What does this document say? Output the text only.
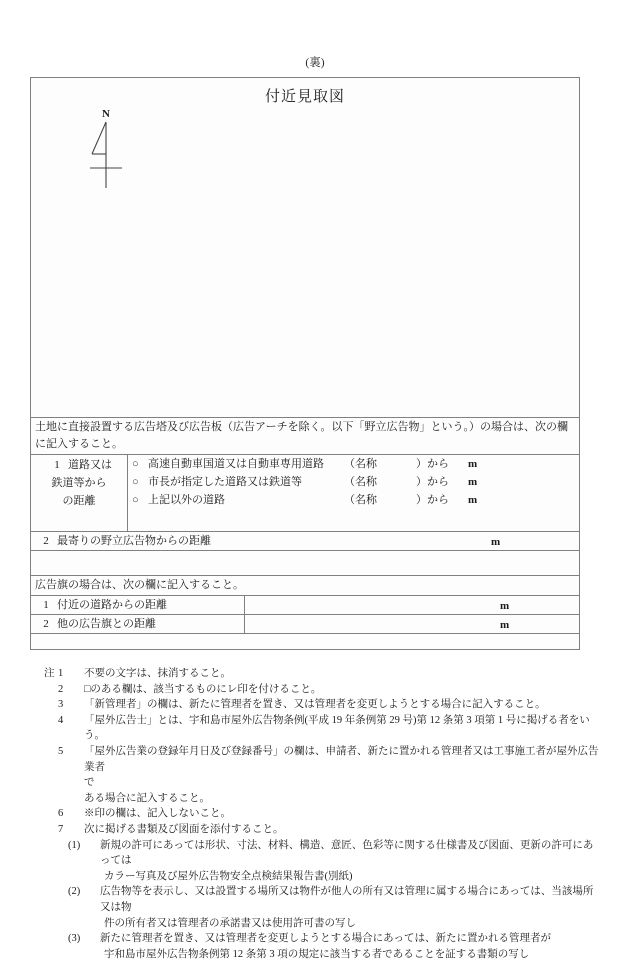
(裏)
付近見取図
N
土地に直接設置する広告塔及び広告板（広告アーチを除く。以下「野立広告物」という。）の場合は、次の欄に記入すること。

1 道路又は
鉄道等から
の距離

○ 高速自動車国道又は自動車専用道路	（名称	）から	m
○ 市長が指定した道路又は鉄道等	（名称	）から	m
○ 上記以外の道路	（名称	）から	m

2 最寄りの野立広告物からの距離	m
広告旗の場合は、次の欄に記入すること。	
1 付近の道路からの距離	m

2 他の広告旗との距離	m
注 1	不要の文字は、抹消すること。
2	□のある欄は、該当するものにレ印を付けること。
3	「新管理者」の欄は、新たに管理者を置き、又は管理者を変更しようとする場合に記入すること。
4	「屋外広告士」とは、宇和島市屋外広告物条例(平成 19 年条例第 29 号)第 12 条第 3 項第 1 号に掲げる者をいう。
5	「屋外広告業の登録年月日及び登録番号」の欄は、申請者、新たに置かれる管理者又は工事施工者が屋外広告業者
で
ある場合に記入すること。
6	※印の欄は、記入しないこと。
7	次に掲げる書類及び図面を添付すること。
(1)	新規の許可にあっては形状、寸法、材料、構造、意匠、色彩等に関する仕様書及び図面、更新の許可にあっては
カラー写真及び屋外広告物安全点検結果報告書(別紙)
(2)	広告物等を表示し、又は設置する場所又は物件が他人の所有又は管理に属する場合にあっては、当該場所又は物
件の所有者又は管理者の承諾書又は使用許可書の写し
(3)	新たに管理者を置き、又は管理者を変更しようとする場合にあっては、新たに置かれる管理者が
宇和島市屋外広告物条例第 12 条第 3 項の規定に該当する者であることを証する書類の写し
